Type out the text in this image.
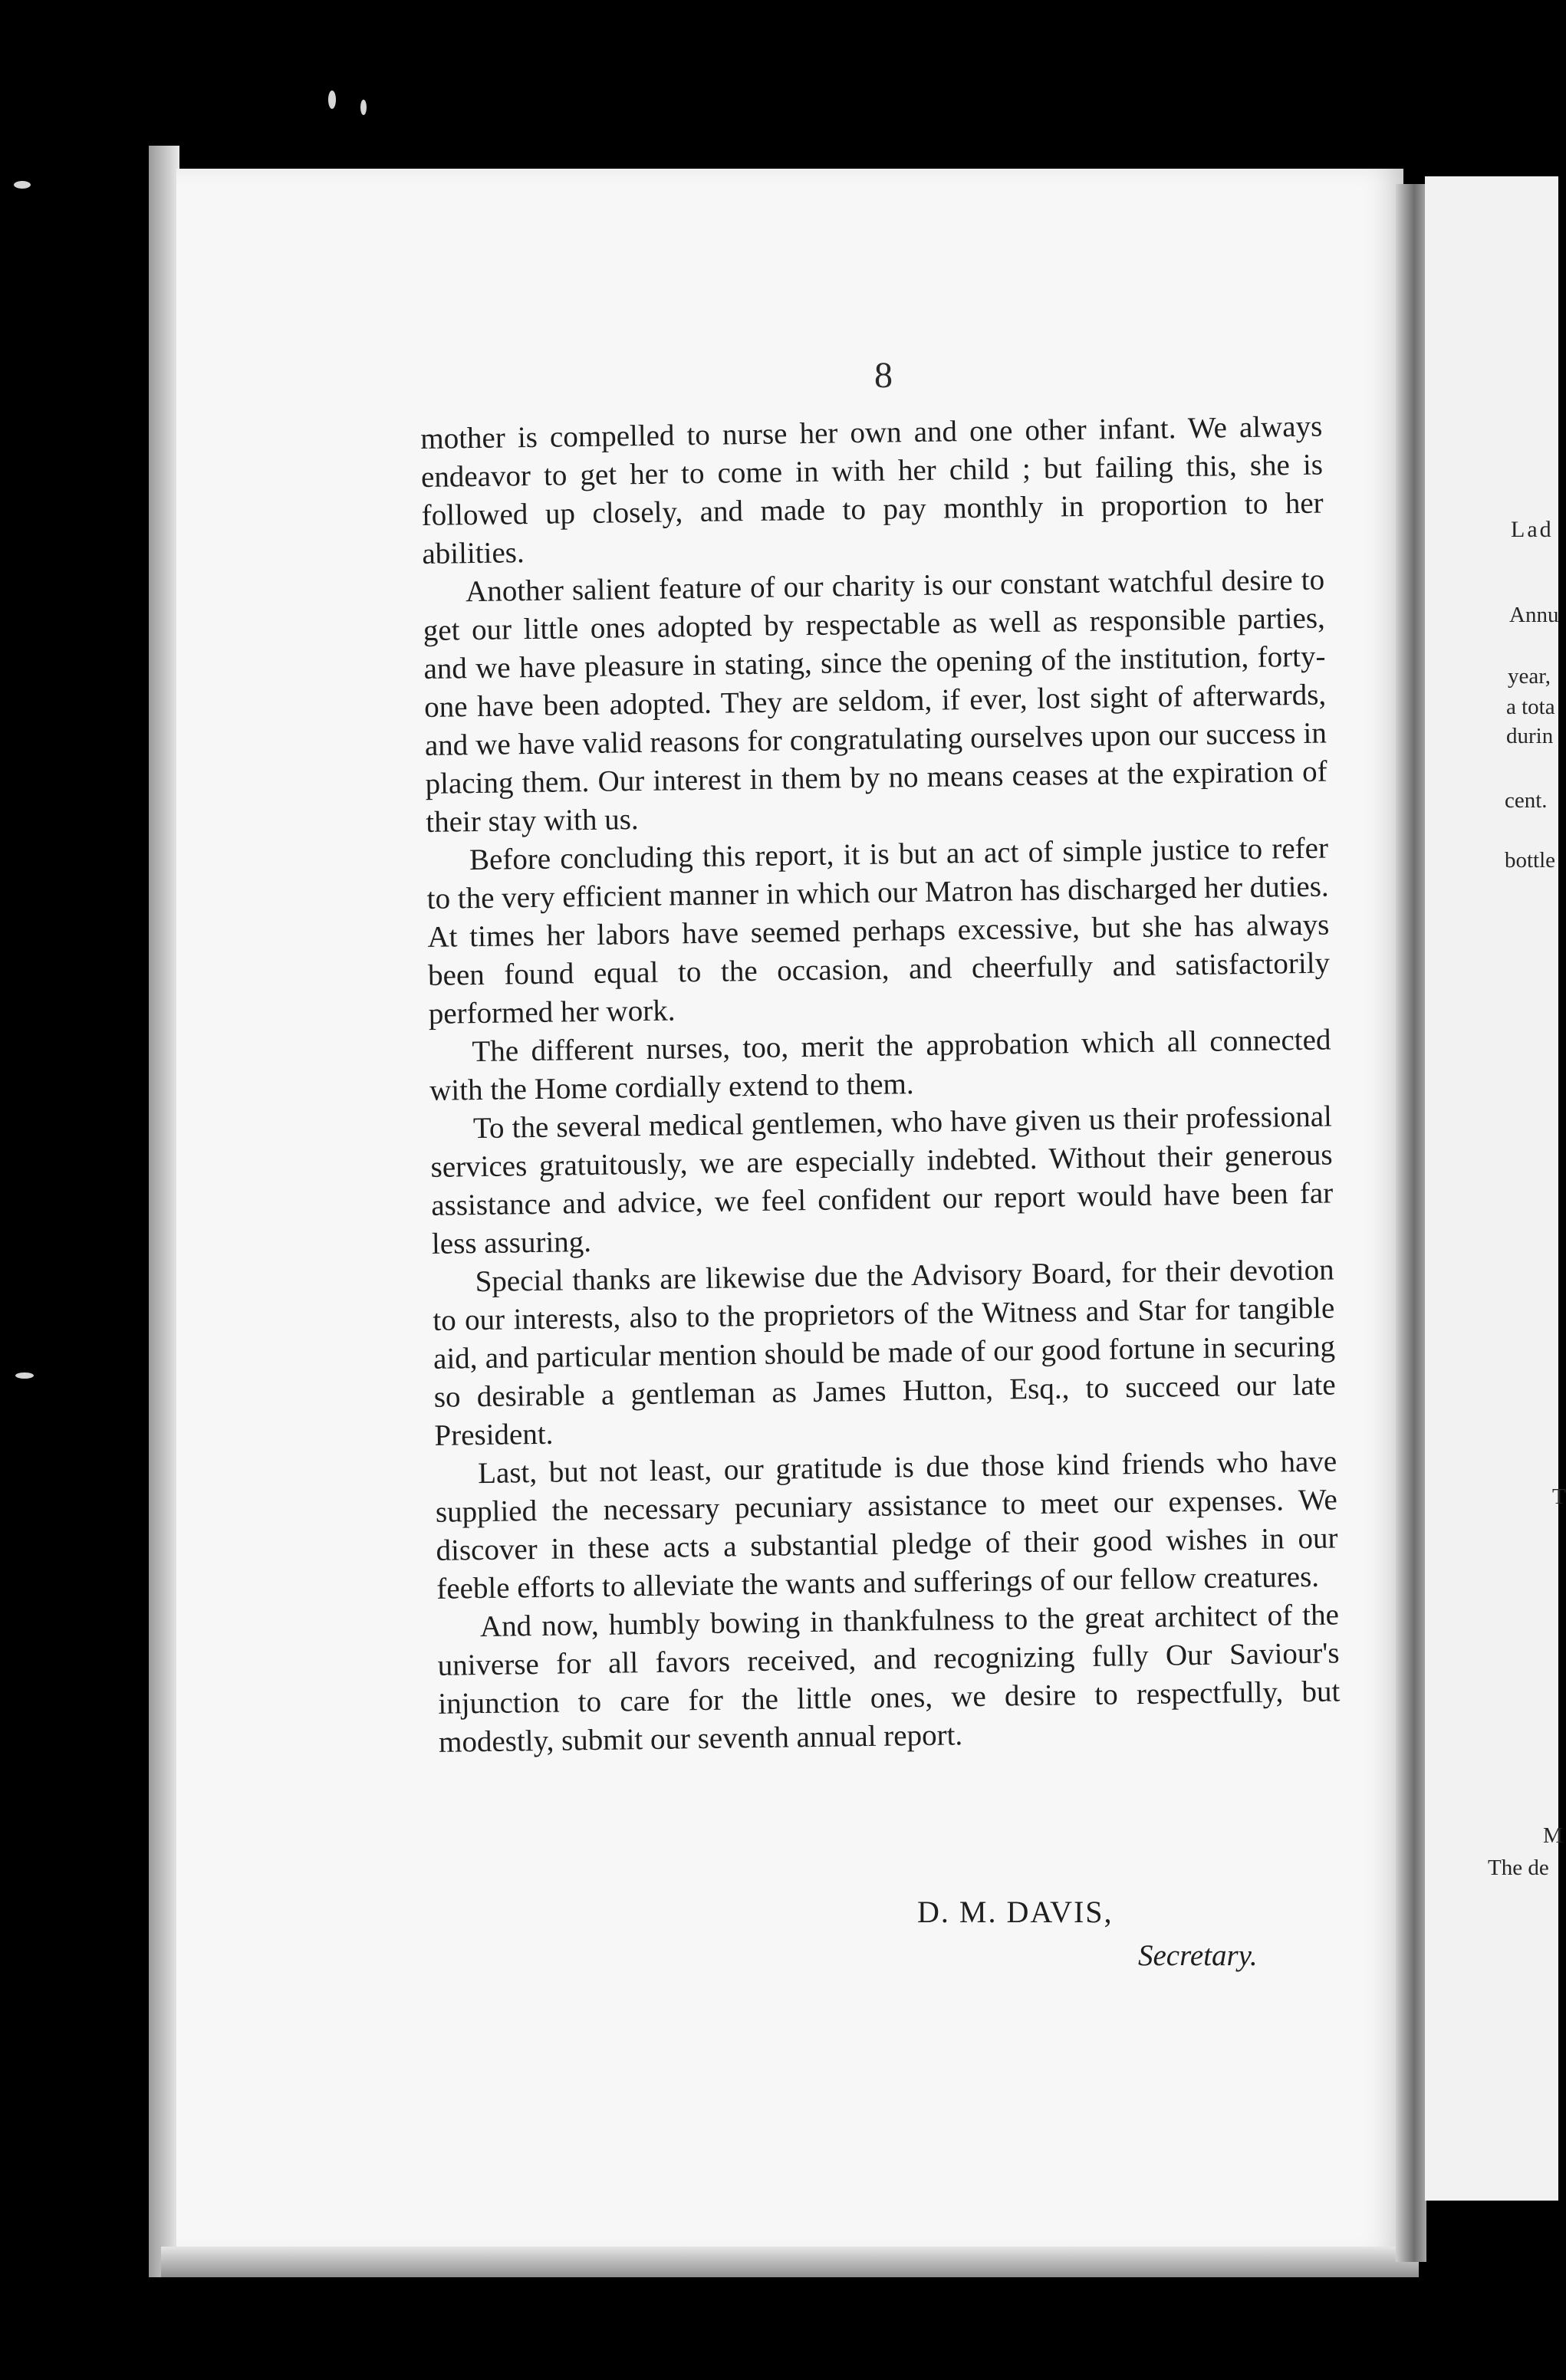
Lad
Annu
year,
a tota
durin
cent.
bottle
T
M
The de
8

mother is compelled to nurse her own and one other infant. We always endeavor to get her to come in with her child ; but failing this, she is followed up closely, and made to pay monthly in proportion to her abilities.

Another salient feature of our charity is our constant watchful desire to get our little ones adopted by respectable as well as responsible parties, and we have pleasure in stating, since the opening of the institution, forty-one have been adopted. They are seldom, if ever, lost sight of afterwards, and we have valid reasons for congratulating ourselves upon our success in placing them. Our interest in them by no means ceases at the expiration of their stay with us.

Before concluding this report, it is but an act of simple justice to refer to the very efficient manner in which our Matron has discharged her duties. At times her labors have seemed perhaps excessive, but she has always been found equal to the occasion, and cheerfully and satisfactorily performed her work.

The different nurses, too, merit the approbation which all connected with the Home cordially extend to them.

To the several medical gentlemen, who have given us their professional services gratuitously, we are especially indebted. Without their generous assistance and advice, we feel confident our report would have been far less assuring.

Special thanks are likewise due the Advisory Board, for their devotion to our interests, also to the proprietors of the Witness and Star for tangible aid, and particular mention should be made of our good fortune in securing so desirable a gentleman as James Hutton, Esq., to succeed our late President.

Last, but not least, our gratitude is due those kind friends who have supplied the necessary pecuniary assistance to meet our expenses. We discover in these acts a substantial pledge of their good wishes in our feeble efforts to alleviate the wants and sufferings of our fellow creatures.

And now, humbly bowing in thankfulness to the great architect of the universe for all favors received, and recognizing fully Our Saviour's injunction to care for the little ones, we desire to respectfully, but modestly, submit our seventh annual report.

D. M. DAVIS,
Secretary.
